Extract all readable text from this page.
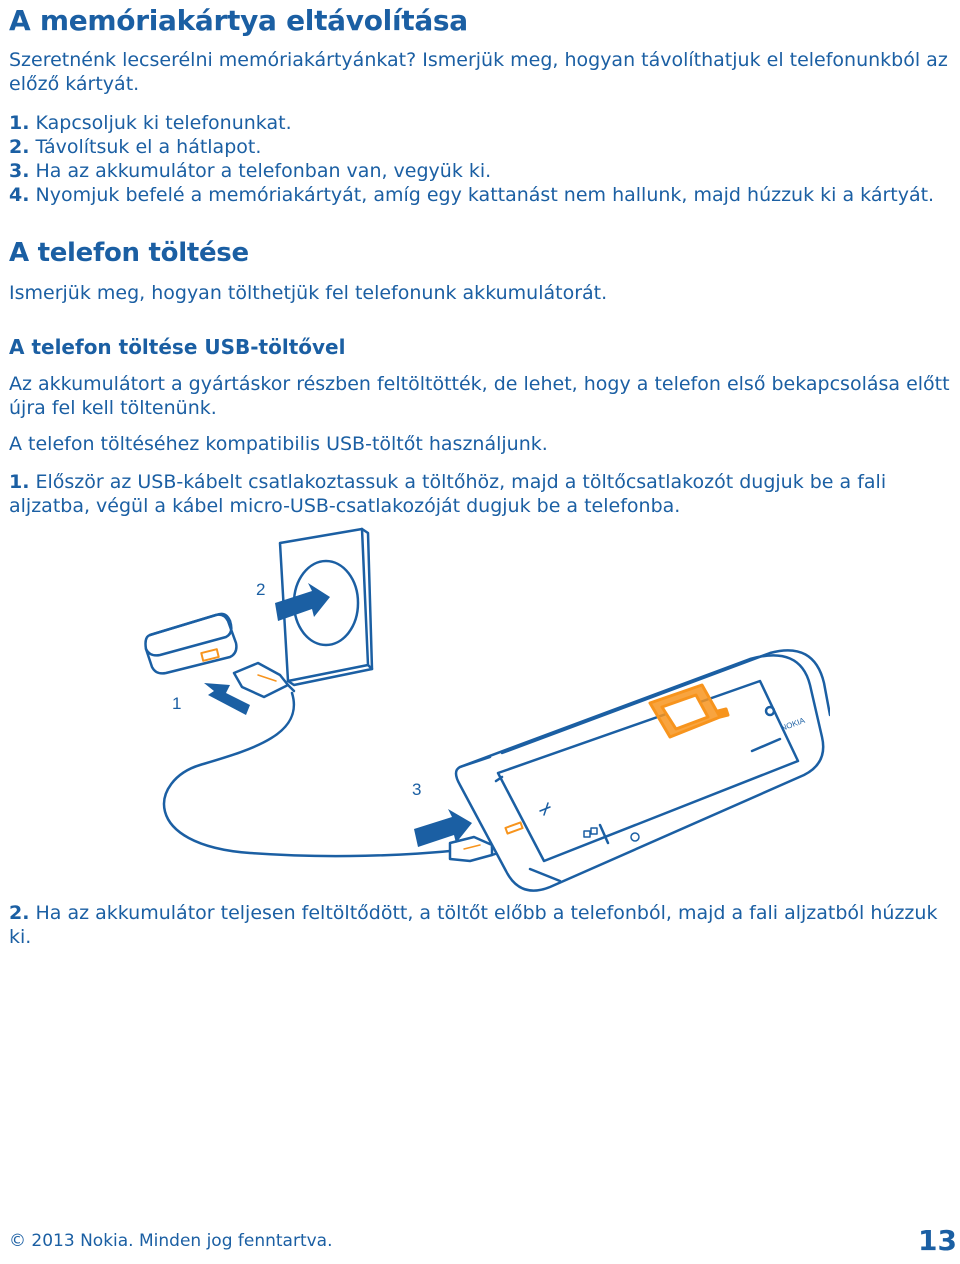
A memóriakártya eltávolítása

Szeretnénk lecserélni memóriakártyánkat? Ismerjük meg, hogyan távolíthatjuk el telefonunkból az előző kártyát.

1. Kapcsoljuk ki telefonunkat.
2. Távolítsuk el a hátlapot.
3. Ha az akkumulátor a telefonban van, vegyük ki.
4. Nyomjuk befelé a memóriakártyát, amíg egy kattanást nem hallunk, majd húzzuk ki a kártyát.
A telefon töltése

Ismerjük meg, hogyan tölthetjük fel telefonunk akkumulátorát.

A telefon töltése USB-töltővel

Az akkumulátort a gyártáskor részben feltöltötték, de lehet, hogy a telefon első bekapcsolása előtt újra fel kell töltenünk.

A telefon töltéséhez kompatibilis USB-töltőt használjunk.

1. Először az USB-kábelt csatlakoztassuk a töltőhöz, majd a töltőcsatlakozót dugjuk be a fali aljzatba, végül a kábel micro-USB-csatlakozóját dugjuk be a telefonba.

2. Ha az akkumulátor teljesen feltöltődött, a töltőt előbb a telefonból, majd a fali aljzatból húzzuk ki.

1
2
3
NOKIA
© 2013 Nokia. Minden jog fenntartva.	13
